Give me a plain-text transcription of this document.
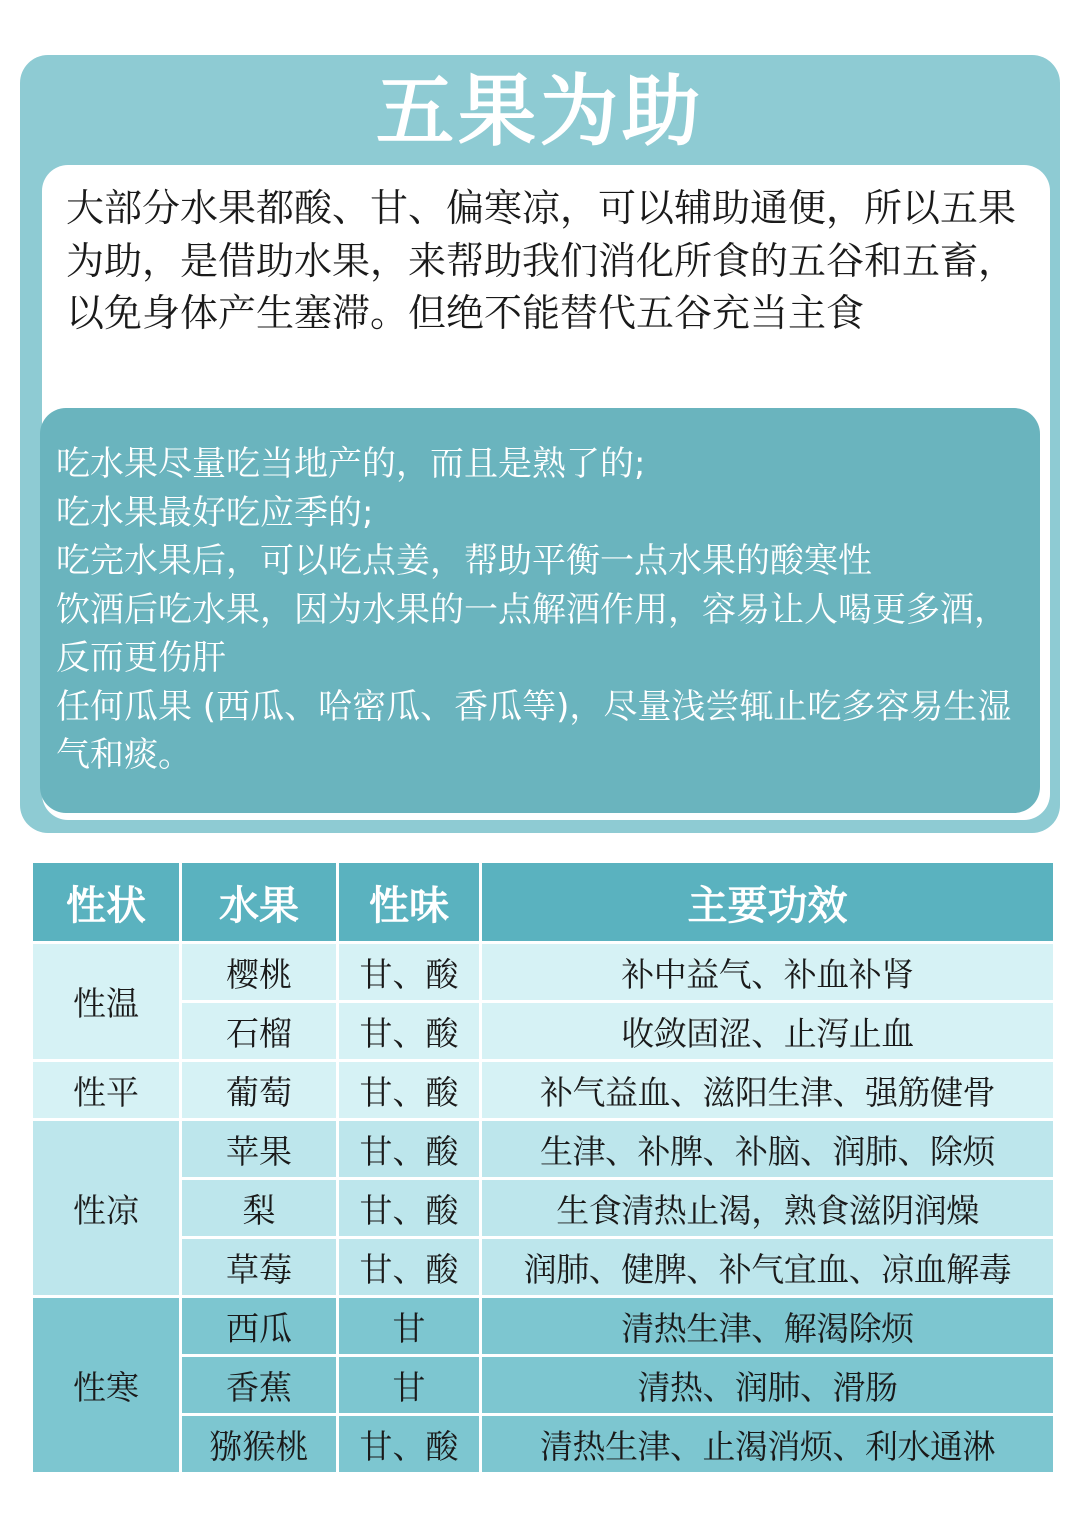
五果为助

大部分水果都酸、甘、偏寒凉，可以辅助通便，所以五果为助，是借助水果，来帮助我们消化所食的五谷和五畜，以免身体产生塞滞。但绝不能替代五谷充当主食

吃水果尽量吃当地产的，而且是熟了的;
吃水果最好吃应季的;
吃完水果后，可以吃点姜，帮助平衡一点水果的酸寒性
饮酒后吃水果，因为水果的一点解酒作用，容易让人喝更多酒，反而更伤肝
任何瓜果 (西瓜、哈密瓜、香瓜等)，尽量浅尝辄止吃多容易生湿气和痰。
性状	水果	性味	主要功效
性温	樱桃	甘、酸	补中益气、补血补肾
	石榴	甘、酸	收敛固涩、止泻止血
性平	葡萄	甘、酸	补气益血、滋阳生津、强筋健骨
性凉	苹果	甘、酸	生津、补脾、补脑、润肺、除烦
	梨	甘、酸	生食清热止渴，熟食滋阴润燥
	草莓	甘、酸	润肺、健脾、补气宜血、凉血解毒
性寒	西瓜	甘	清热生津、解渴除烦
	香蕉	甘	清热、润肺、滑肠
	猕猴桃	甘、酸	清热生津、止渴消烦、利水通淋
